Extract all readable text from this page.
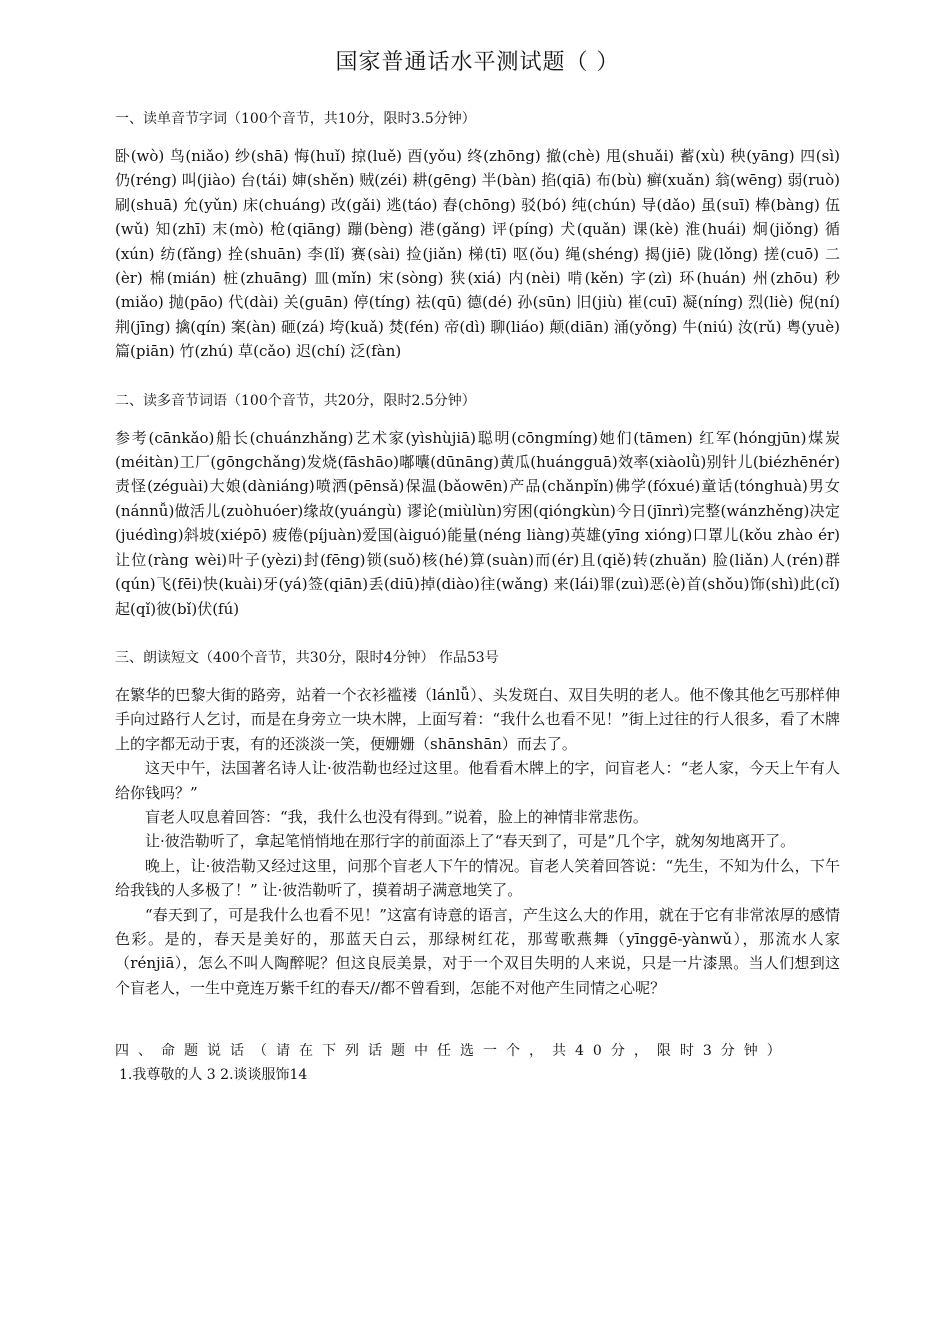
国家普通话水平测试题（ ）
一、读单音节字词（100个音节，共10分，限时3.5分钟）
卧(wò) 鸟(niǎo) 纱(shā) 悔(huǐ) 掠(luě) 酉(yǒu) 终(zhōng) 撤(chè) 甩(shuǎi) 蓄(xù) 秧(yāng) 四(sì) 仍(réng) 叫(jiào) 台(tái) 婶(shěn) 贼(zéi) 耕(gēng) 半(bàn) 掐(qiā) 布(bù) 癣(xuǎn) 翁(wēng) 弱(ruò) 刷(shuā) 允(yǔn) 床(chuáng) 改(gǎi) 逃(táo) 舂(chōng) 驳(bó) 纯(chún) 导(dǎo) 虽(suī) 棒(bàng) 伍(wǔ) 知(zhī) 末(mò) 枪(qiāng) 蹦(bèng) 港(gǎng) 评(píng) 犬(quǎn) 课(kè) 淮(huái) 炯(jiǒng) 循(xún) 纺(fǎng) 拴(shuān) 李(lǐ) 赛(sài) 捡(jiǎn) 梯(tī) 呕(ǒu) 绳(shéng) 揭(jiē) 陇(lǒng) 搓(cuō) 二(èr) 棉(mián) 桩(zhuāng) 皿(mǐn) 宋(sòng) 狭(xiá) 内(nèi) 啃(kěn) 字(zì) 环(huán) 州(zhōu) 秒(miǎo) 抛(pāo) 代(dài) 关(guān) 停(tíng) 祛(qū) 德(dé) 孙(sūn) 旧(jiù) 崔(cuī) 凝(níng) 烈(liè) 倪(ní) 荆(jīng) 擒(qín) 案(àn) 砸(zá) 垮(kuǎ) 焚(fén) 帝(dì) 聊(liáo) 颠(diān) 涌(yǒng) 牛(niú) 汝(rǔ) 粤(yuè) 篇(piān) 竹(zhú) 草(cǎo) 迟(chí) 泛(fàn)
二、读多音节词语（100个音节，共20分，限时2.5分钟）
参考(cānkǎo)船长(chuánzhǎng)艺术家(yìshùjiā)聪明(cōngmíng)她们(tāmen) 红军(hóngjūn)煤炭(méitàn)工厂(gōngchǎng)发烧(fāshāo)嘟囔(dūnāng)黄瓜(huángguā)效率(xiàolǜ)别针儿(biézhēnér)责怪(zéguài)大娘(dàniáng)喷洒(pēnsǎ)保温(bǎowēn)产品(chǎnpǐn)佛学(fóxué)童话(tónghuà)男女(nánnǚ)做活儿(zuòhuóer)缘故(yuángù) 谬论(miùlùn)穷困(qióngkùn)今日(jīnrì)完整(wánzhěng)决定(juédìng)斜坡(xiépō) 疲倦(píjuàn)爱国(àiguó)能量(néng liàng)英雄(yīng xióng)口罩儿(kǒu zhào ér) 让位(ràng wèi)叶子(yèzi)封(fēng)锁(suǒ)核(hé)算(suàn)而(ér)且(qiě)转(zhuǎn) 脸(liǎn)人(rén)群(qún)飞(fēi)快(kuài)牙(yá)签(qiān)丢(diū)掉(diào)往(wǎng) 来(lái)罪(zuì)恶(è)首(shǒu)饰(shì)此(cǐ)起(qǐ)彼(bǐ)伏(fú)
三、朗读短文（400个音节，共30分，限时4分钟） 作品53号

在繁华的巴黎大街的路旁，站着一个衣衫褴褛（lánlǚ）、头发斑白、双目失明的老人。他不像其他乞丐那样伸手向过路行人乞讨，而是在身旁立一块木牌，上面写着：“我什么也看不见！”街上过往的行人很多，看了木牌上的字都无动于衷，有的还淡淡一笑，便姗姗（shānshān）而去了。

这天中午，法国著名诗人让·彼浩勒也经过这里。他看看木牌上的字，问盲老人：“老人家，今天上午有人给你钱吗？”

盲老人叹息着回答：“我，我什么也没有得到。”说着，脸上的神情非常悲伤。

让·彼浩勒听了，拿起笔悄悄地在那行字的前面添上了“春天到了，可是”几个字，就匆匆地离开了。

晚上，让·彼浩勒又经过这里，问那个盲老人下午的情况。盲老人笑着回答说：“先生，不知为什么，下午给我钱的人多极了！” 让·彼浩勒听了，摸着胡子满意地笑了。

“春天到了，可是我什么也看不见！”这富有诗意的语言，产生这么大的作用，就在于它有非常浓厚的感情色彩。是的，春天是美好的，那蓝天白云，那绿树红花，那莺歌燕舞（yīnggē-yànwǔ），那流水人家（rénjiā），怎么不叫人陶醉呢？但这良辰美景，对于一个双目失明的人来说，只是一片漆黑。当人们想到这个盲老人，一生中竟连万紫千红的春天//都不曾看到，怎能不对他产生同情之心呢？

四、命题说话（请在下列话题中任选一个，共40分，限时3分钟）
1.我尊敬的人 3 2.谈谈服饰14
